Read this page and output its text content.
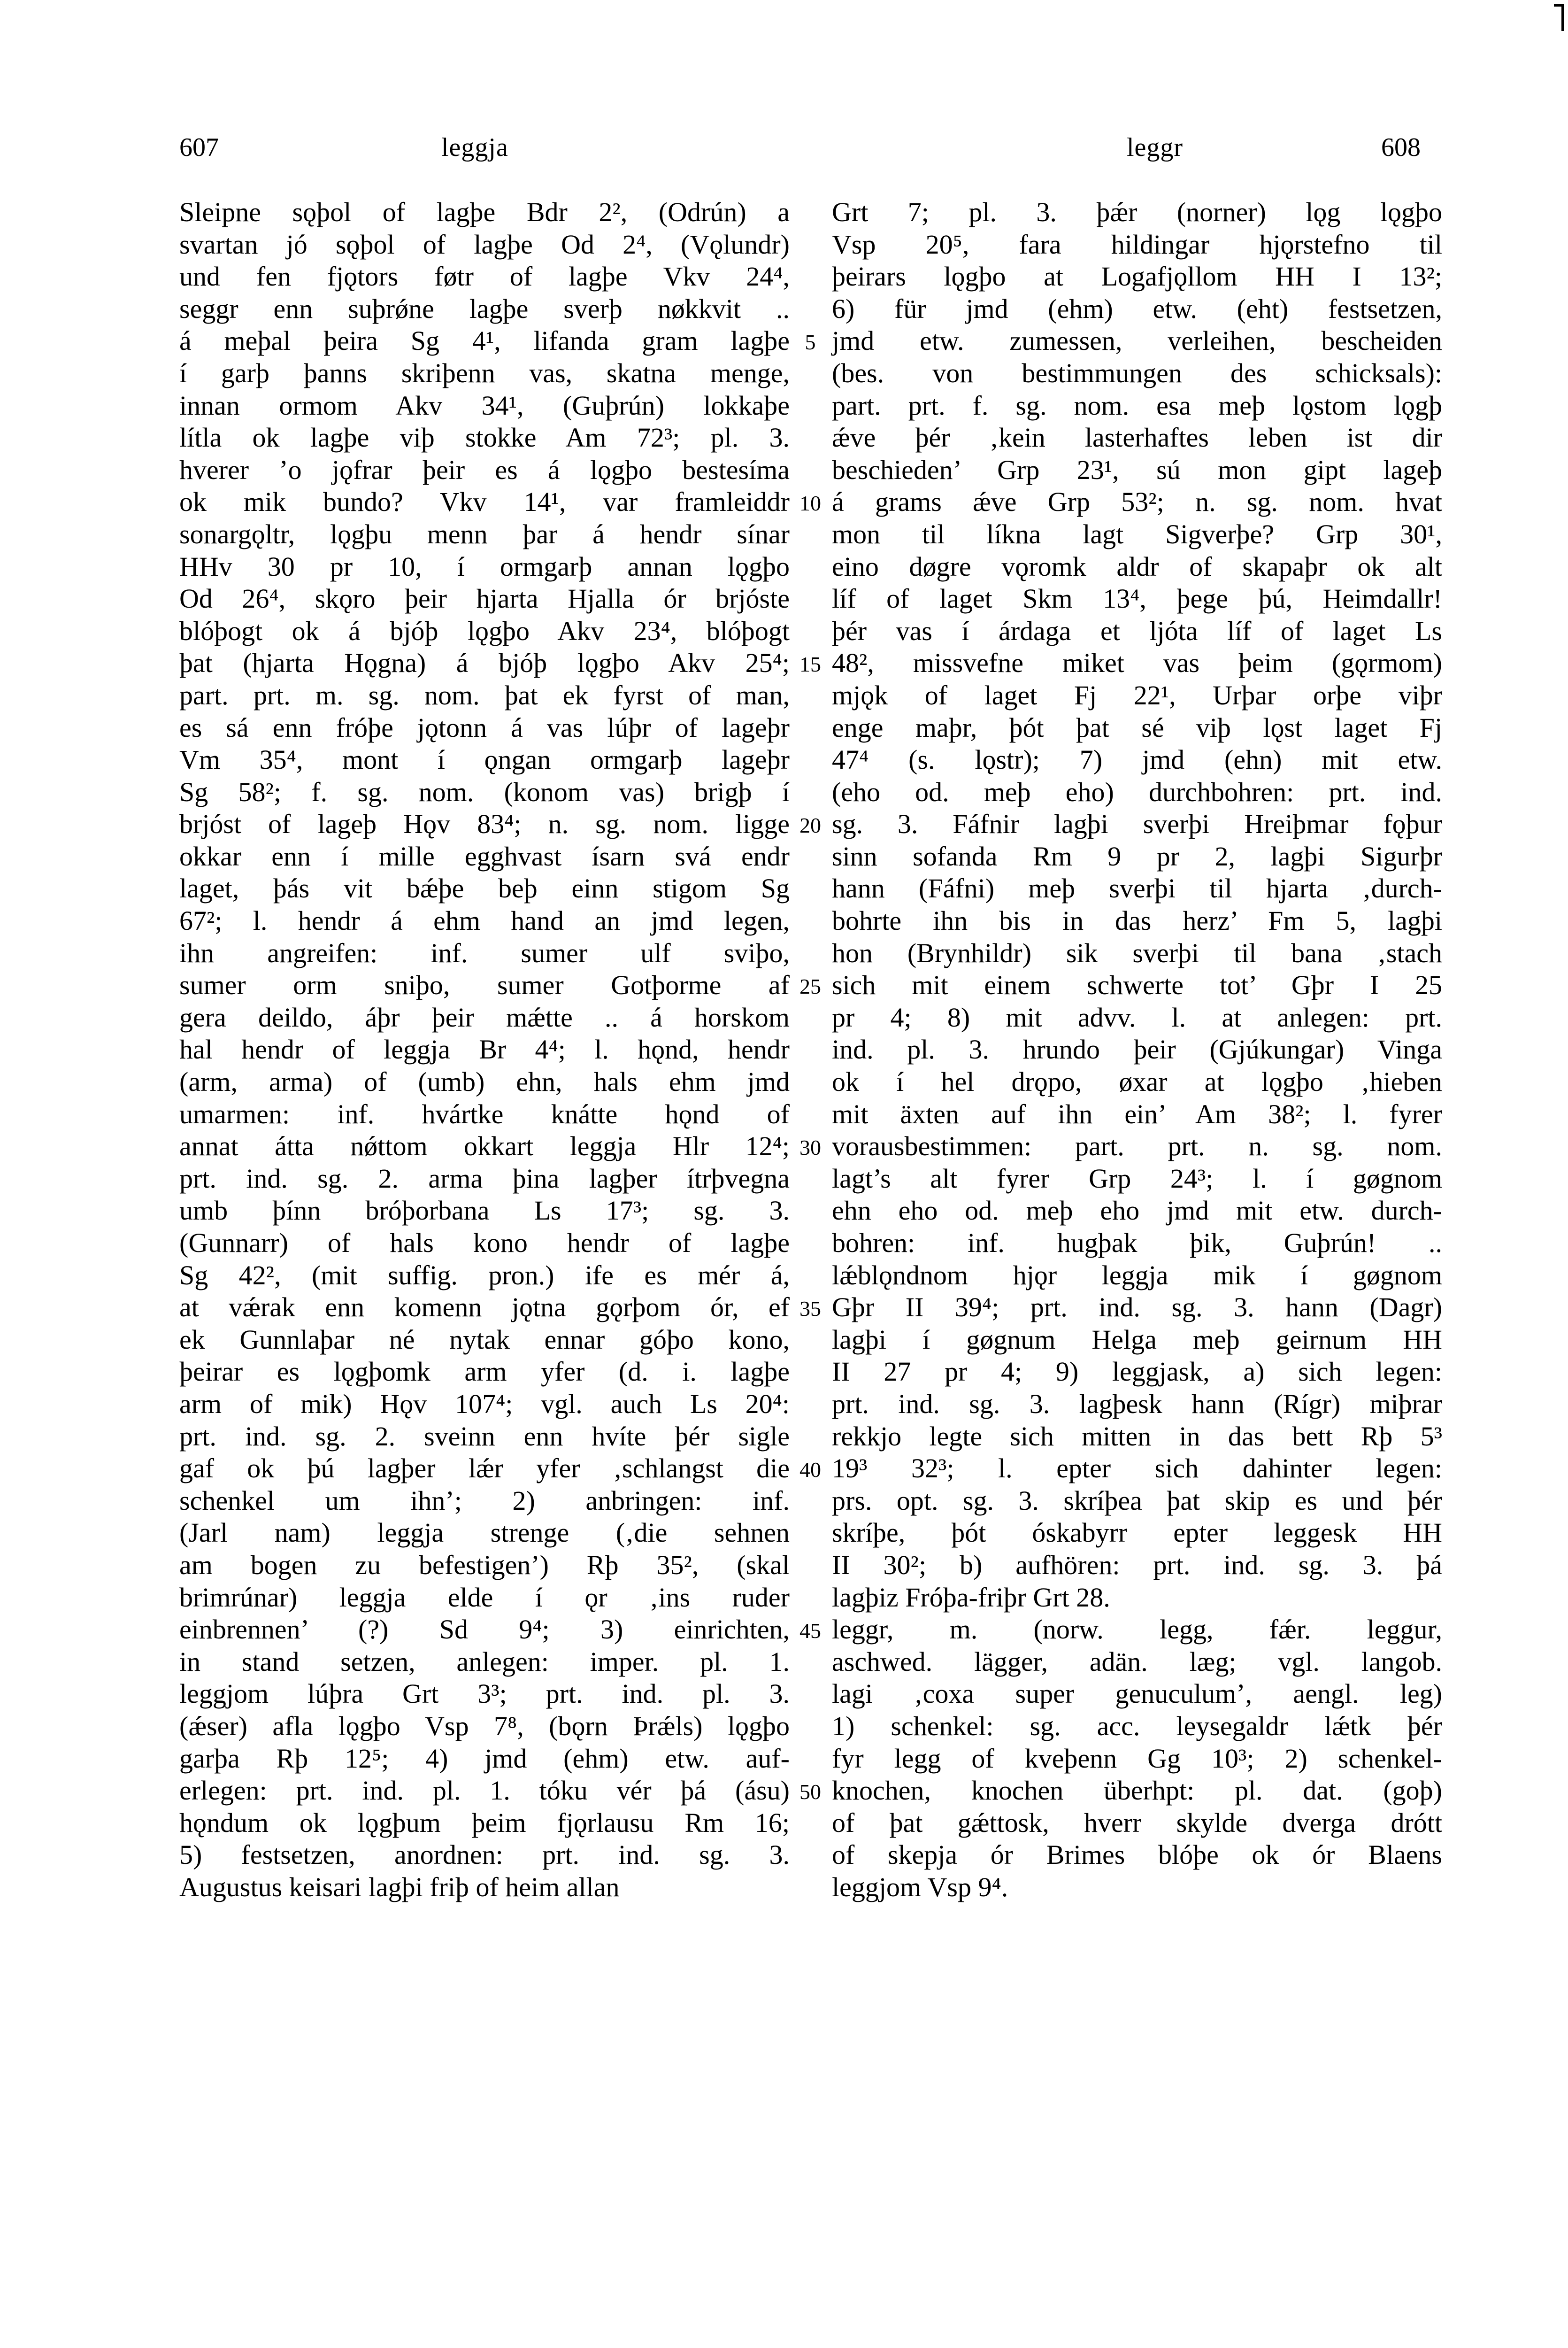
607	leggja	leggr	608
Sleipne sǫþol of lagþe Bdr 2², (Odrún) a
svartan jó sǫþol of lagþe Od 2⁴, (Vǫlundr)
und fen fjǫtors føtr of lagþe Vkv 24⁴,
seggr enn suþrǿne lagþe sverþ nøkkvit ..
á meþal þeira Sg 4¹, lifanda gram lagþe
í garþ þanns skriþenn vas, skatna menge,
innan ormom Akv 34¹, (Guþrún) lokkaþe
lítla ok lagþe viþ stokke Am 72³; pl. 3.
hverer ’o jǫfrar þeir es á lǫgþo bestesíma
ok mik bundo? Vkv 14¹, var framleiddr
sonargǫltr, lǫgþu menn þar á hendr sínar
HHv 30 pr 10, í ormgarþ annan lǫgþo
Od 26⁴, skǫro þeir hjarta Hjalla ór brjóste
blóþogt ok á bjóþ lǫgþo Akv 23⁴, blóþogt
þat (hjarta Hǫgna) á bjóþ lǫgþo Akv 25⁴;
part. prt. m. sg. nom. þat ek fyrst of man,
es sá enn fróþe jǫtonn á vas lúþr of lageþr
Vm 35⁴, mont í ǫngan ormgarþ lageþr
Sg 58²; f. sg. nom. (konom vas) brigþ í
brjóst of lageþ Hǫv 83⁴; n. sg. nom. ligge
okkar enn í mille egghvast ísarn svá endr
laget, þás vit bǽþe beþ einn stigom Sg
67²; l. hendr á ehm hand an jmd legen,
ihn angreifen: inf. sumer ulf sviþo,
sumer orm sniþo, sumer Gotþorme af
gera deildo, áþr þeir mǽtte .. á horskom
hal hendr of leggja Br 4⁴; l. hǫnd, hendr
(arm, arma) of (umb) ehn, hals ehm jmd
umarmen: inf. hvártke knátte hǫnd of
annat átta nǿttom okkart leggja Hlr 12⁴;
prt. ind. sg. 2. arma þina lagþer ítrþvegna
umb þínn bróþorbana Ls 17³; sg. 3.
(Gunnarr) of hals kono hendr of lagþe
Sg 42², (mit suffig. pron.) ife es mér á,
at vǽrak enn komenn jǫtna gǫrþom ór, ef
ek Gunnlaþar né nytak ennar góþo kono,
þeirar es lǫgþomk arm yfer (d. i. lagþe
arm of mik) Hǫv 107⁴; vgl. auch Ls 20⁴:
prt. ind. sg. 2. sveinn enn hvíte þér sigle
gaf ok þú lagþer lǽr yfer ‚schlangst die
schenkel um ihn’; 2) anbringen: inf.
(Jarl nam) leggja strenge (‚die sehnen
am bogen zu befestigen’) Rþ 35², (skal
brimrúnar) leggja elde í ǫr ‚ins ruder
einbrennen’ (?) Sd 9⁴; 3) einrichten,
in stand setzen, anlegen: imper. pl. 1.
leggjom lúþra Grt 3³; prt. ind. pl. 3.
(ǽser) afla lǫgþo Vsp 7⁸, (bǫrn Þrǽls) lǫgþo
garþa Rþ 12⁵; 4) jmd (ehm) etw. auf-
erlegen: prt. ind. pl. 1. tóku vér þá (ásu)
hǫndum ok lǫgþum þeim fjǫrlausu Rm 16;
5) festsetzen, anordnen: prt. ind. sg. 3.
Augustus keisari lagþi friþ of heim allan
5
10
15
20
25
30
35
40
45
50
Grt 7; pl. 3. þǽr (norner) lǫg lǫgþo
Vsp 20⁵, fara hildingar hjǫrstefno til
þeirars lǫgþo at Logafjǫllom HH I 13²;
6) für jmd (ehm) etw. (eht) festsetzen,
jmd etw. zumessen, verleihen, bescheiden
(bes. von bestimmungen des schicksals):
part. prt. f. sg. nom. esa meþ lǫstom lǫgþ
ǽve þér ‚kein lasterhaftes leben ist dir
beschieden’ Grp 23¹, sú mon gipt lageþ
á grams ǽve Grp 53²; n. sg. nom. hvat
mon til líkna lagt Sigverþe? Grp 30¹,
eino døgre vǫromk aldr of skapaþr ok alt
líf of laget Skm 13⁴, þege þú, Heimdallr!
þér vas í árdaga et ljóta líf of laget Ls
48², missvefne miket vas þeim (gǫrmom)
mjǫk of laget Fj 22¹, Urþar orþe viþr
enge maþr, þót þat sé viþ lǫst laget Fj
47⁴ (s. lǫstr); 7) jmd (ehn) mit etw.
(eho od. meþ eho) durchbohren: prt. ind.
sg. 3. Fáfnir lagþi sverþi Hreiþmar fǫþur
sinn sofanda Rm 9 pr 2, lagþi Sigurþr
hann (Fáfni) meþ sverþi til hjarta ‚durch-
bohrte ihn bis in das herz’ Fm 5, lagþi
hon (Brynhildr) sik sverþi til bana ‚stach
sich mit einem schwerte tot’ Gþr I 25
pr 4; 8) mit advv. l. at anlegen: prt.
ind. pl. 3. hrundo þeir (Gjúkungar) Vinga
ok í hel drǫpo, øxar at lǫgþo ‚hieben
mit äxten auf ihn ein’ Am 38²; l. fyrer
vorausbestimmen: part. prt. n. sg. nom.
lagt’s alt fyrer Grp 24³; l. í gøgnom
ehn eho od. meþ eho jmd mit etw. durch-
bohren: inf. hugþak þik, Guþrún! ..
lǽblǫndnom hjǫr leggja mik í gøgnom
Gþr II 39⁴; prt. ind. sg. 3. hann (Dagr)
lagþi í gøgnum Helga meþ geirnum HH
II 27 pr 4; 9) leggjask, a) sich legen:
prt. ind. sg. 3. lagþesk hann (Rígr) miþrar
rekkjo legte sich mitten in das bett Rþ 5³
19³ 32³; l. epter sich dahinter legen:
prs. opt. sg. 3. skríþea þat skip es und þér
skríþe, þót óskabyrr epter leggesk HH
II 30²; b) aufhören: prt. ind. sg. 3. þá
lagþiz Fróþa-friþr Grt 28.
leggr, m. (norw. legg, fǽr. leggur,
aschwed. lägger, adän. læg; vgl. langob.
lagi ‚coxa super genuculum’, aengl. leg)
1) schenkel: sg. acc. leysegaldr lǽtk þér
fyr legg of kveþenn Gg 10³; 2) schenkel-
knochen, knochen überhpt: pl. dat. (goþ)
of þat gǽttosk, hverr skylde dverga drótt
of skepja ór Brimes blóþe ok ór Blaens
leggjom Vsp 9⁴.
